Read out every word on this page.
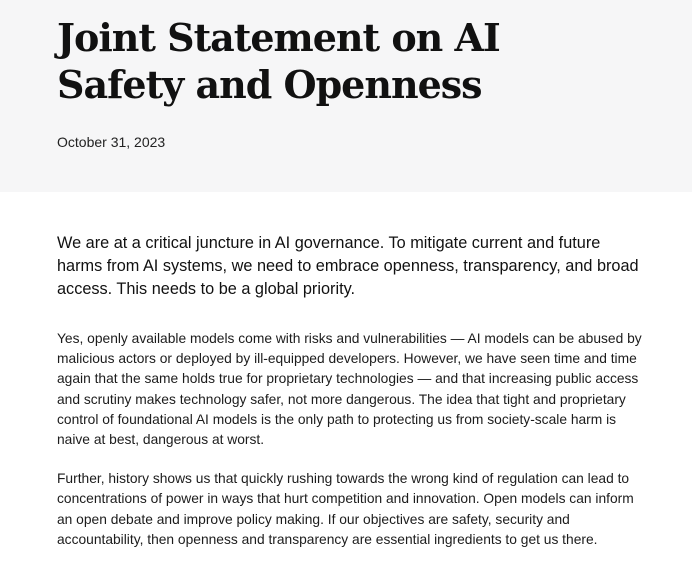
Joint Statement on AI
Safety and Openness

October 31, 2023

We are at a critical juncture in AI governance. To mitigate current and future harms from AI systems, we need to embrace openness, transparency, and broad access. This needs to be a global priority.

Yes, openly available models come with risks and vulnerabilities — AI models can be abused by malicious actors or deployed by ill-equipped developers. However, we have seen time and time again that the same holds true for proprietary technologies — and that increasing public access and scrutiny makes technology safer, not more dangerous. The idea that tight and proprietary control of foundational AI models is the only path to protecting us from society-scale harm is naive at best, dangerous at worst.

Further, history shows us that quickly rushing towards the wrong kind of regulation can lead to concentrations of power in ways that hurt competition and innovation. Open models can inform an open debate and improve policy making. If our objectives are safety, security and accountability, then openness and transparency are essential ingredients to get us there.
